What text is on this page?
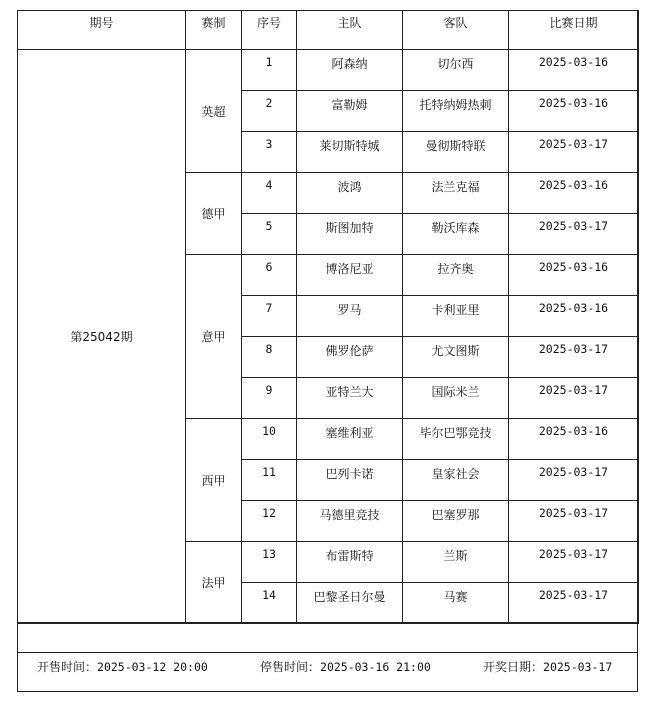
期号	赛制	序号	主队	客队	比赛日期
第25042期	英超	1	阿森纳	切尔西	2025-03-16
		2	富勒姆	托特纳姆热刺	2025-03-16
		3	莱切斯特城	曼彻斯特联	2025-03-17
	德甲	4	波鸿	法兰克福	2025-03-16
		5	斯图加特	勒沃库森	2025-03-17
	意甲	6	博洛尼亚	拉齐奥	2025-03-16
		7	罗马	卡利亚里	2025-03-16
		8	佛罗伦萨	尤文图斯	2025-03-17
		9	亚特兰大	国际米兰	2025-03-17
	西甲	10	塞维利亚	毕尔巴鄂竞技	2025-03-16
		11	巴列卡诺	皇家社会	2025-03-17
		12	马德里竞技	巴塞罗那	2025-03-17
	法甲	13	布雷斯特	兰斯	2025-03-17
		14	巴黎圣日尔曼	马赛	2025-03-17
开售时间：2025-03-12 20:00	停售时间：2025-03-16 21:00	开奖日期：2025-03-17
